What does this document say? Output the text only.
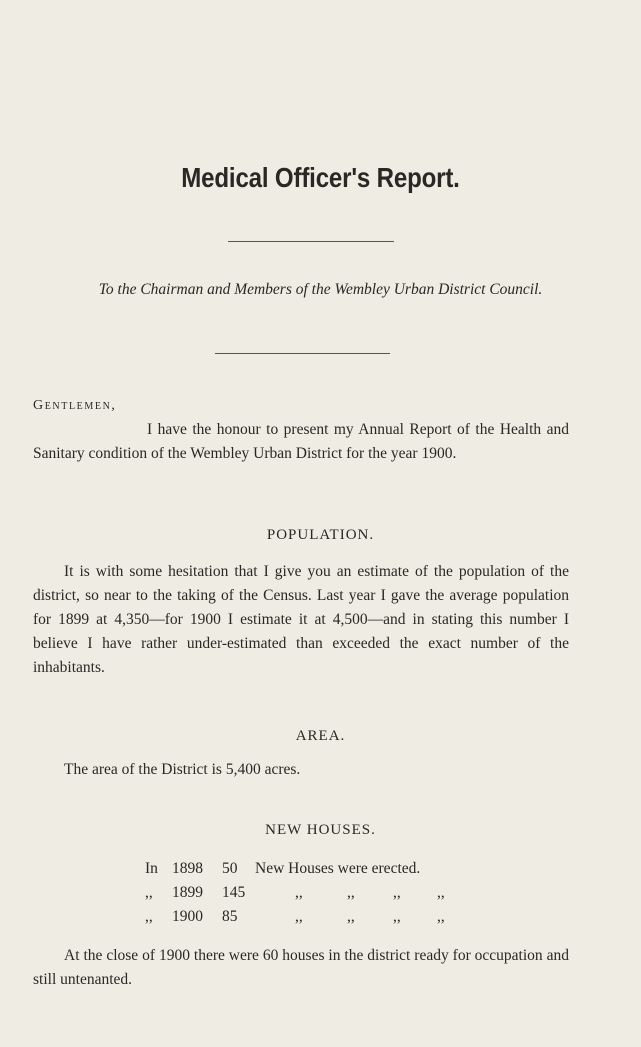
Medical Officer's Report.
To the Chairman and Members of the Wembley Urban District Council.
Gentlemen,
I have the honour to present my Annual Report of the Health and Sanitary condition of the Wembley Urban District for the year 1900.
POPULATION.
It is with some hesitation that I give you an estimate of the population of the district, so near to the taking of the Census. Last year I gave the average population for 1899 at 4,350—for 1900 I estimate it at 4,500—and in stating this number I believe I have rather under-estimated than exceeded the exact number of the inhabitants.
AREA.
The area of the District is 5,400 acres.
NEW HOUSES.
In 1898 50 New Houses were erected.
,, 1899 145	,,	,, ,, ,,
,, 1900 85	,,	,, ,, ,,
At the close of 1900 there were 60 houses in the district ready for occupation and still untenanted.
